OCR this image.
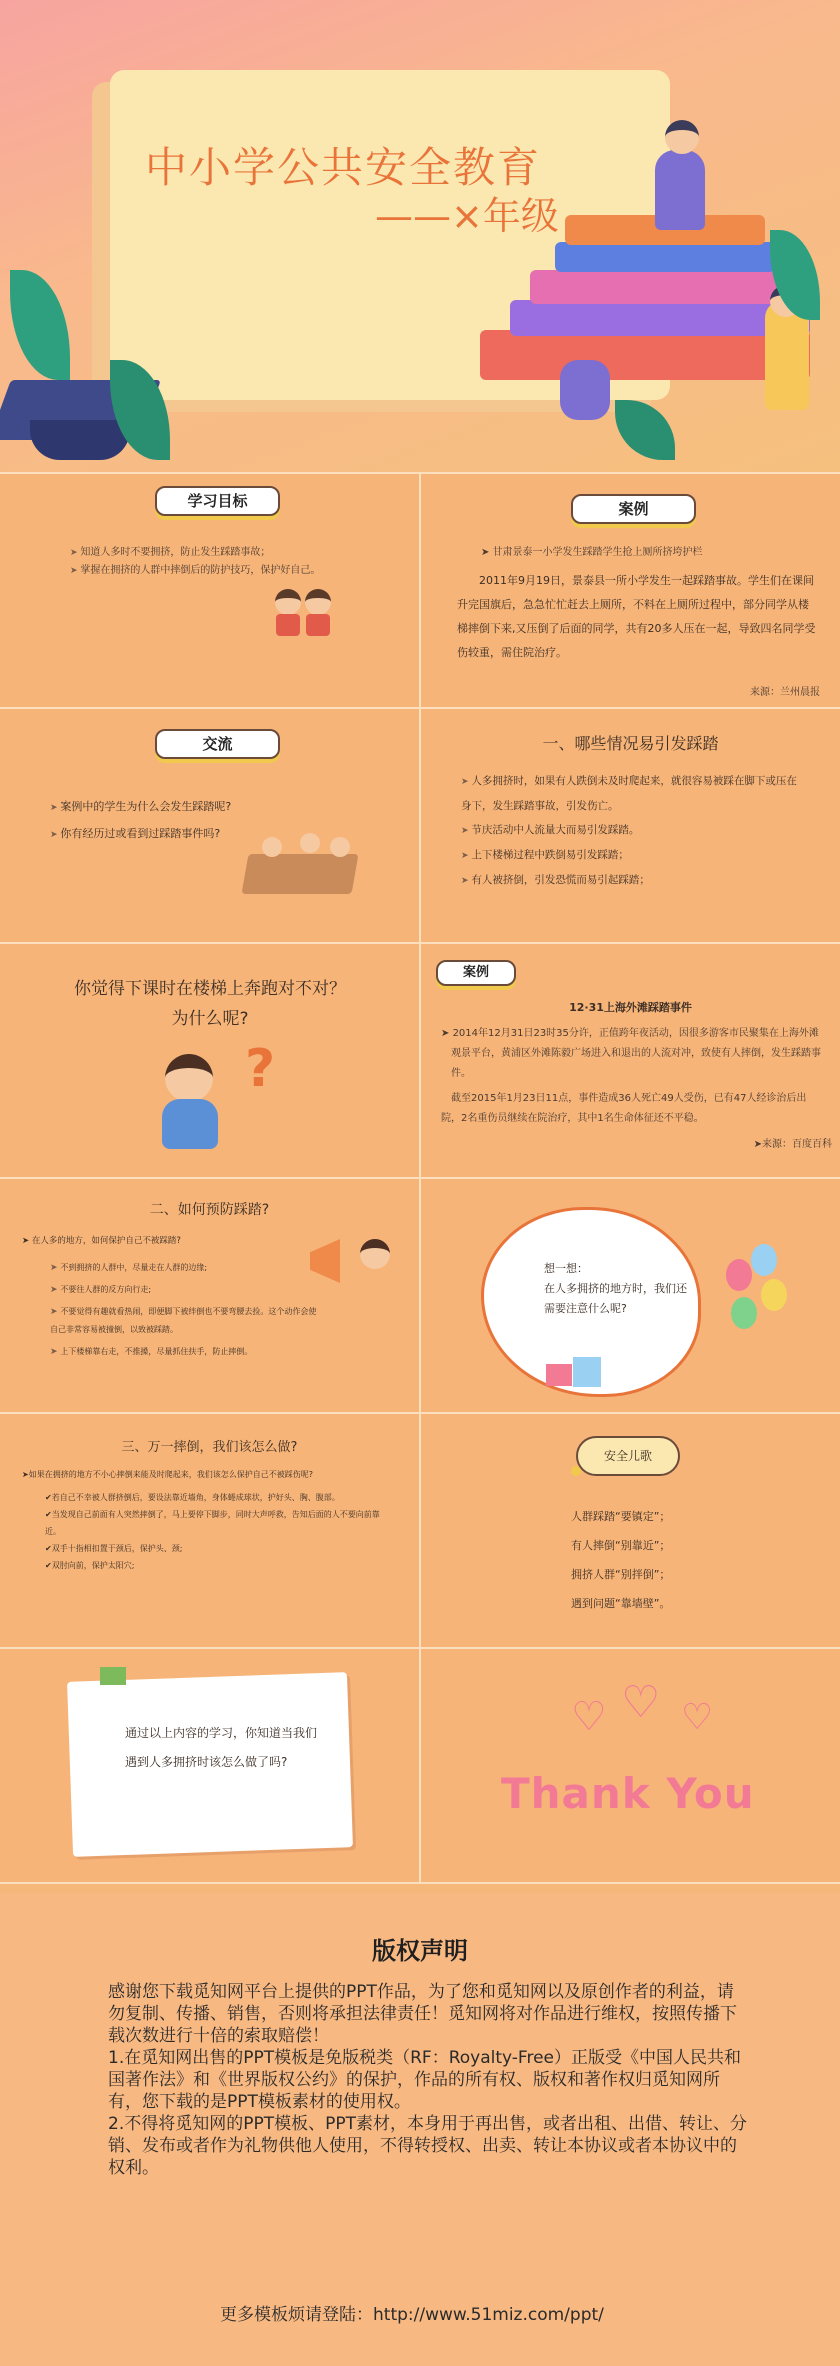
中小学公共安全教育
——×年级
学习目标
➤ 知道人多时不要拥挤，防止发生踩踏事故；
➤ 掌握在拥挤的人群中摔倒后的防护技巧，保护好自己。
案例
➤ 甘肃景泰一小学发生踩踏学生抢上厕所挤垮护栏
2011年9月19日，景泰县一所小学发生一起踩踏事故。学生们在课间升完国旗后，急急忙忙赶去上厕所，不料在上厕所过程中，部分同学从楼梯摔倒下来,又压倒了后面的同学，共有20多人压在一起，导致四名同学受伤较重，需住院治疗。
来源：兰州晨报
交流
➤ 案例中的学生为什么会发生踩踏呢?
➤ 你有经历过或看到过踩踏事件吗?
一、哪些情况易引发踩踏
➤ 人多拥挤时，如果有人跌倒未及时爬起来，就很容易被踩在脚下或压在身下，发生踩踏事故，引发伤亡。
➤ 节庆活动中人流量大而易引发踩踏。
➤ 上下楼梯过程中跌倒易引发踩踏；
➤ 有人被挤倒，引发恐慌而易引起踩踏；
你觉得下课时在楼梯上奔跑对不对？为什么呢?
?
案例
12·31上海外滩踩踏事件
➤ 2014年12月31日23时35分许，正值跨年夜活动，因很多游客市民聚集在上海外滩观景平台，黄浦区外滩陈毅广场进入和退出的人流对冲，致使有人摔倒，发生踩踏事件。
截至2015年1月23日11点，事件造成36人死亡49人受伤，已有47人经诊治后出院，2名重伤员继续在院治疗，其中1名生命体征还不平稳。
➤来源：百度百科
二、如何预防踩踏?
➤ 在人多的地方，如何保护自己不被踩踏?
➤ 不到拥挤的人群中，尽量走在人群的边缘;
➤ 不要往人群的反方向行走;
➤ 不要觉得有趣就看热闹，即便脚下被绊倒也不要弯腰去捡。这个动作会使自己非常容易被撞倒，以致被踩踏。
➤ 上下楼梯靠右走，不推搡，尽量抓住扶手，防止摔倒。
想一想：
在人多拥挤的地方时，我们还需要注意什么呢?
三、万一摔倒，我们该怎么做?
➤如果在拥挤的地方不小心摔倒来能及时爬起来，我们该怎么保护自己不被踩伤呢?
✔若自己不幸被人群挤倒后，要设法靠近墙角，身体蜷成球状，护好头、胸、腹部。
✔当发现自己前面有人突然摔倒了，马上要停下脚步，同时大声呼救，告知后面的人不要向前靠近。
✔双手十指相扣置于颈后，保护头、颈;
✔双肘向前，保护太阳穴;
安全儿歌
人群踩踏“要镇定”；
有人摔倒“别靠近”；
拥挤人群“别拌倒”；
遇到问题“靠墙壁”。
通过以上内容的学习，你知道当我们遇到人多拥挤时该怎么做了吗?
♡ ♡ ♡
Thank You
版权声明
感谢您下载觅知网平台上提供的PPT作品，为了您和觅知网以及原创作者的利益，请勿复制、传播、销售，否则将承担法律责任！觅知网将对作品进行维权，按照传播下载次数进行十倍的索取赔偿！
1.在觅知网出售的PPT模板是免版税类（RF：Royalty-Free）正版受《中国人民共和国著作法》和《世界版权公约》的保护，作品的所有权、版权和著作权归觅知网所有，您下载的是PPT模板素材的使用权。
2.不得将觅知网的PPT模板、PPT素材，本身用于再出售，或者出租、出借、转让、分销、发布或者作为礼物供他人使用，不得转授权、出卖、转让本协议或者本协议中的权利。
更多模板烦请登陆：http://www.51miz.com/ppt/
